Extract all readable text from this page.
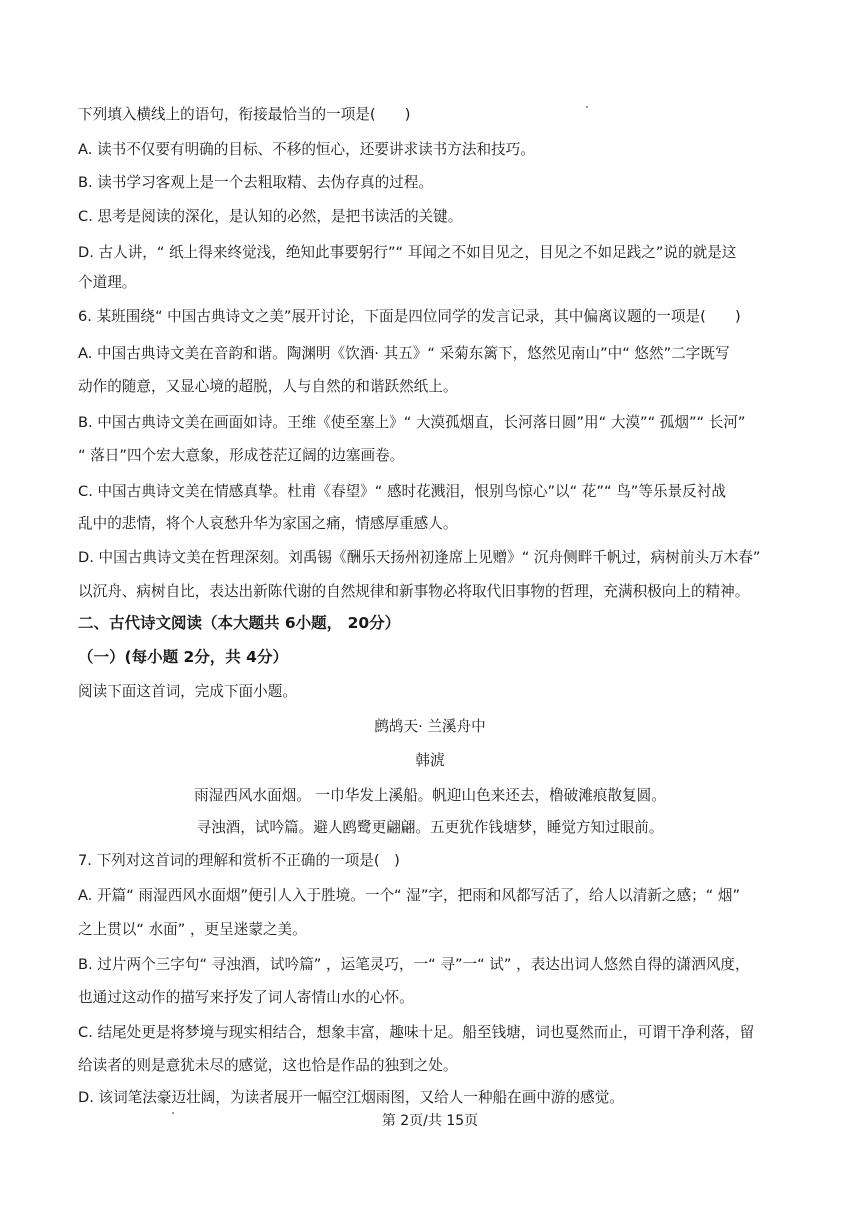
下列填入横线上的语句，衔接最恰当的一项是(　　)
A. 读书不仅要有明确的目标、不移的恒心，还要讲求读书方法和技巧。
B. 读书学习客观上是一个去粗取精、去伪存真的过程。
C. 思考是阅读的深化，是认知的必然，是把书读活的关键。
D. 古人讲，“ 纸上得来终觉浅，绝知此事要躬行”“ 耳闻之不如目见之，目见之不如足践之”说的就是这
个道理。
6. 某班围绕“ 中国古典诗文之美”展开讨论，下面是四位同学的发言记录，其中偏离议题的一项是(　　)
A. 中国古典诗文美在音韵和谐。陶渊明《饮酒· 其五》“ 采菊东篱下，悠然见南山”中“ 悠然”二字既写
动作的随意，又显心境的超脱，人与自然的和谐跃然纸上。
B. 中国古典诗文美在画面如诗。王维《使至塞上》“ 大漠孤烟直，长河落日圆”用“ 大漠”“ 孤烟”“ 长河”
“ 落日”四个宏大意象，形成苍茫辽阔的边塞画卷。
C. 中国古典诗文美在情感真挚。杜甫《春望》“ 感时花溅泪，恨别鸟惊心”以“ 花”“ 鸟”等乐景反衬战
乱中的悲情，将个人哀愁升华为家国之痛，情感厚重感人。
D. 中国古典诗文美在哲理深刻。刘禹锡《酬乐天扬州初逢席上见赠》“ 沉舟侧畔千帆过，病树前头万木春”
以沉舟、病树自比，表达出新陈代谢的自然规律和新事物必将取代旧事物的哲理，充满积极向上的精神。
二、古代诗文阅读（本大题共 6小题， 20分）
（一）(每小题 2分，共 4分）
阅读下面这首词，完成下面小题。
鹧鸪天· 兰溪舟中
韩淲
雨湿西风水面烟。 一巾华发上溪船。帆迎山色来还去，橹破滩痕散复圆。
寻浊酒，试吟篇。避人鸥鹭更翩翩。五更犹作钱塘梦，睡觉方知过眼前。
7. 下列对这首词的理解和赏析不正确的一项是(　)
A. 开篇“ 雨湿西风水面烟”便引人入于胜境。一个“ 湿”字，把雨和风都写活了，给人以清新之感；“ 烟”
之上贯以“ 水面” ，更呈迷蒙之美。
B. 过片两个三字句“ 寻浊酒，试吟篇” ，运笔灵巧，一“ 寻”一“ 试” ，表达出词人悠然自得的潇洒风度，
也通过这动作的描写来抒发了词人寄情山水的心怀。
C. 结尾处更是将梦境与现实相结合，想象丰富，趣味十足。船至钱塘，词也戛然而止，可谓干净利落，留
给读者的则是意犹未尽的感觉，这也恰是作品的独到之处。
D. 该词笔法豪迈壮阔，为读者展开一幅空江烟雨图，又给人一种船在画中游的感觉。
第 2页/共 15页
